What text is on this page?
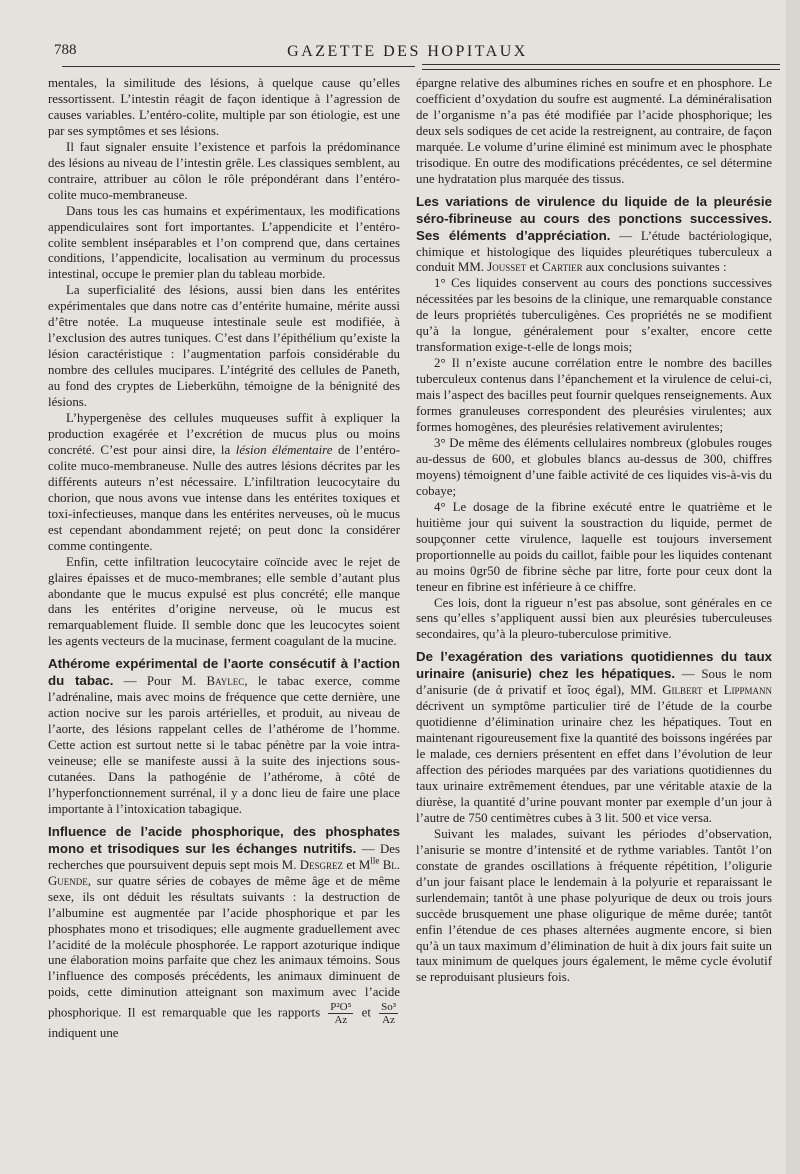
788	GAZETTE DES HOPITAUX

mentales, la similitude des lésions, à quelque cause qu’elles ressortissent. L’intestin réagit de façon identique à l’agression de causes variables. L’entéro-colite, multiple par son étiologie, est une par ses symptômes et ses lésions.

Il faut signaler ensuite l’existence et parfois la prédominance des lésions au niveau de l’intestin grêle. Les classiques semblent, au contraire, attribuer au côlon le rôle prépondérant dans l’entéro-colite muco-membraneuse.

Dans tous les cas humains et expérimentaux, les modifications appendiculaires sont fort importantes. L’appendicite et l’entéro-colite semblent inséparables et l’on comprend que, dans certaines conditions, l’appendicite, localisation au verminum du processus intestinal, occupe le premier plan du tableau morbide.

La superficialité des lésions, aussi bien dans les entérites expérimentales que dans notre cas d’entérite humaine, mérite aussi d’être notée. La muqueuse intestinale seule est modifiée, à l’exclusion des autres tuniques. C’est dans l’épithélium qu’existe la lésion caractéristique : l’augmentation parfois considérable du nombre des cellules mucipares. L’intégrité des cellules de Paneth, au fond des cryptes de Lieberkühn, témoigne de la bénignité des lésions.

L’hypergenèse des cellules muqueuses suffit à expliquer la production exagérée et l’excrétion de mucus plus ou moins concrété. C’est pour ainsi dire, la lésion élémentaire de l’entéro-colite muco-membraneuse. Nulle des autres lésions décrites par les différents auteurs n’est nécessaire. L’infiltration leucocytaire du chorion, que nous avons vue intense dans les entérites toxiques et toxi-infectieuses, manque dans les entérites nerveuses, où le mucus est cependant abondamment rejeté; on peut donc la considérer comme contingente.

Enfin, cette infiltration leucocytaire coïncide avec le rejet de glaires épaisses et de muco-membranes; elle semble d’autant plus abondante que le mucus expulsé est plus concrété; elle manque dans les entérites d’origine nerveuse, où le mucus est remarquablement fluide. Il semble donc que les leucocytes soient les agents vecteurs de la mucinase, ferment coagulant de la mucine.

Athérome expérimental de l’aorte consécutif à l’action du tabac. — Pour M. Baylec, le tabac exerce, comme l’adrénaline, mais avec moins de fréquence que cette dernière, une action nocive sur les parois artérielles, et produit, au niveau de l’aorte, des lésions rappelant celles de l’athérome de l’homme. Cette action est surtout nette si le tabac pénètre par la voie intra-veineuse; elle se manifeste aussi à la suite des injections sous-cutanées. Dans la pathogénie de l’athérome, à côté de l’hyperfonctionnement surrénal, il y a donc lieu de faire une place importante à l’intoxication tabagique.

Influence de l’acide phosphorique, des phosphates mono et trisodiques sur les échanges nutritifs. — Des recherches que poursuivent depuis sept mois M. Desgrez et $M^{lle}$ Bl. Guende, sur quatre séries de cobayes de même âge et de même sexe, ils ont déduit les résultats suivants : la destruction de l’albumine est augmentée par l’acide phosphorique et par les phosphates mono et trisodiques; elle augmente graduellement avec l’acidité de la molécule phosphorée. Le rapport azoturique indique une élaboration moins parfaite que chez les animaux témoins. Sous l’influence des composés précédents, les animaux diminuent de poids, cette diminution atteignant son maximum avec l’acide phosphorique. Il est remarquable que les rapports $\frac{\text{P²O⁵}}{Az}$ et $\frac{\text{So³}}{Az}$
indiquent une

épargne relative des albumines riches en soufre et en phosphore. Le coefficient d’oxydation du soufre est augmenté. La déminéralisation de l’organisme n’a pas été modifiée par l’acide phosphorique; les deux sels sodiques de cet acide la restreignent, au contraire, de façon marquée. Le volume d’urine éliminé est minimum avec le phosphate trisodique. En outre des modifications précédentes, ce sel détermine une hydratation plus marquée des tissus.

Les variations de virulence du liquide de la pleurésie séro-fibrineuse au cours des ponctions successives. Ses éléments d’appréciation. — L’étude bactériologique, chimique et histologique des liquides pleurétiques tuberculeux a conduit MM. Jousset et Cartier aux conclusions suivantes :

1° Ces liquides conservent au cours des ponctions successives nécessitées par les besoins de la clinique, une remarquable constance de leurs propriétés tuberculigènes. Ces propriétés ne se modifient qu’à la longue, généralement pour s’exalter, encore cette transformation exige-t-elle de longs mois;

2° Il n’existe aucune corrélation entre le nombre des bacilles tuberculeux contenus dans l’épanchement et la virulence de celui-ci, mais l’aspect des bacilles peut fournir quelques renseignements. Aux formes granuleuses correspondent des pleurésies virulentes; aux formes homogènes, des pleurésies relativement avirulentes;

3° De même des éléments cellulaires nombreux (globules rouges au-dessus de 600, et globules blancs au-dessus de 300, chiffres moyens) témoignent d’une faible activité de ces liquides vis-à-vis du cobaye;

4° Le dosage de la fibrine exécuté entre le quatrième et le huitième jour qui suivent la soustraction du liquide, permet de soupçonner cette virulence, laquelle est toujours inversement proportionnelle au poids du caillot, faible pour les liquides contenant au moins 0gr50 de fibrine sèche par litre, forte pour ceux dont la teneur en fibrine est inférieure à ce chiffre.

Ces lois, dont la rigueur n’est pas absolue, sont générales en ce sens qu’elles s’appliquent aussi bien aux pleurésies tuberculeuses secondaires, qu’à la pleuro-tuberculose primitive.

De l’exagération des variations quotidiennes du taux urinaire (anisurie) chez les hépatiques. — Sous le nom d’anisurie (de ἀ privatif et ἴσος égal), MM. Gilbert et Lippmann décrivent un symptôme particulier tiré de l’étude de la courbe quotidienne d’élimination urinaire chez les hépatiques. Tout en maintenant rigoureusement fixe la quantité des boissons ingérées par le malade, ces derniers présentent en effet dans l’évolution de leur affection des périodes marquées par des variations quotidiennes du taux urinaire extrêmement étendues, par une véritable ataxie de la diurèse, la quantité d’urine pouvant monter par exemple d’un jour à l’autre de 750 centimètres cubes à 3 lit. 500 et vice versa.

Suivant les malades, suivant les périodes d’observation, l’anisurie se montre d’intensité et de rythme variables. Tantôt l’on constate de grandes oscillations à fréquente répétition, l’oligurie d’un jour faisant place le lendemain à la polyurie et reparaissant le surlendemain; tantôt à une phase polyurique de deux ou trois jours succède brusquement une phase oligurique de même durée; tantôt enfin l’étendue de ces phases alternées augmente encore, si bien qu’à un taux maximum d’élimination de huit à dix jours fait suite un taux minimum de quelques jours également, le même cycle évolutif se reproduisant plusieurs fois.
